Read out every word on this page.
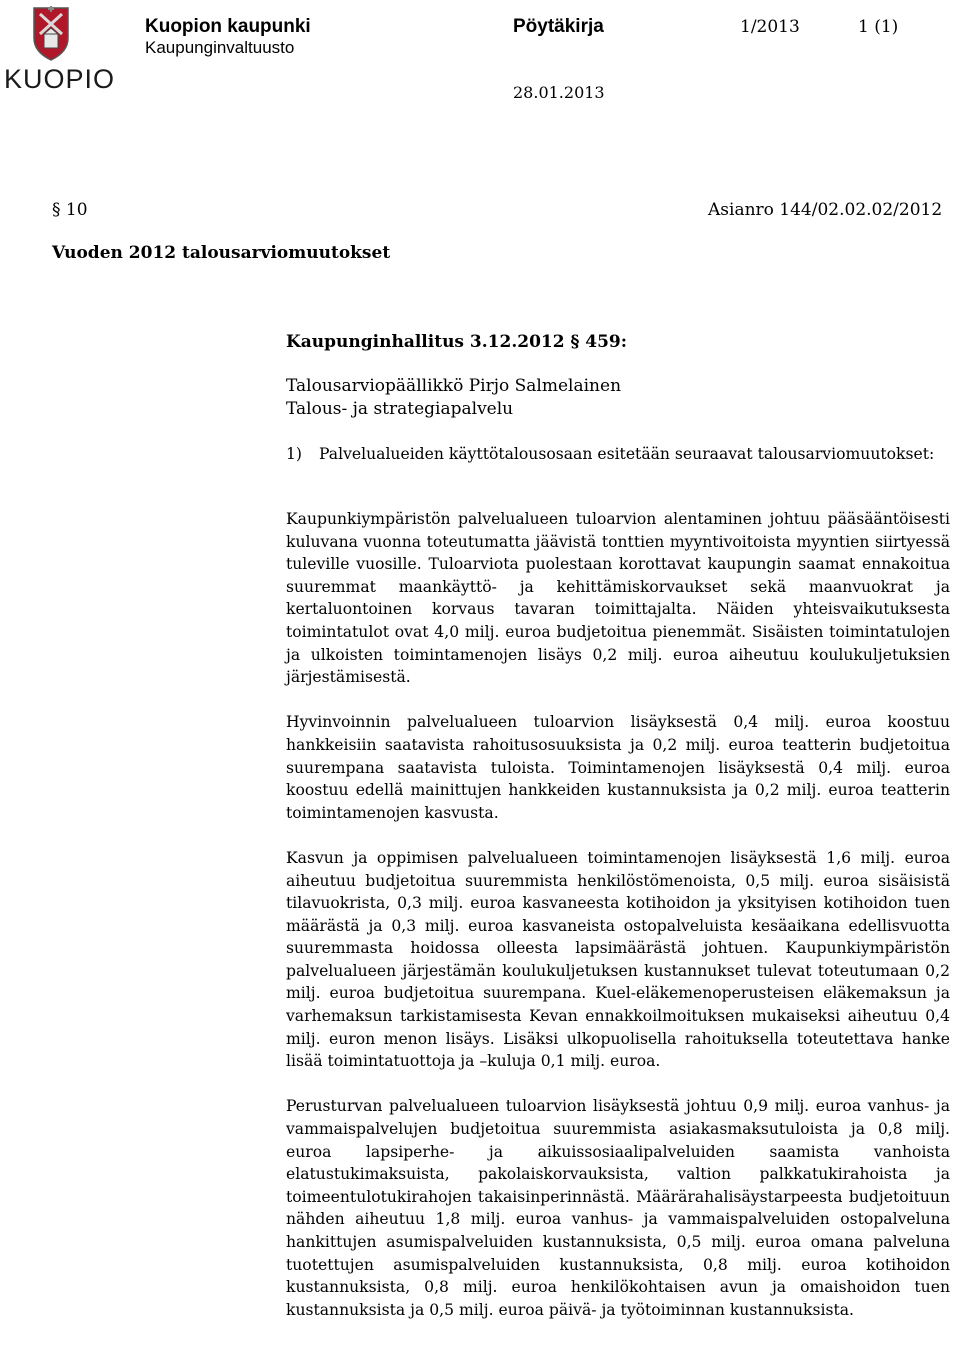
KUOPIO
Kuopion kaupunki
Kaupunginvaltuusto
Pöytäkirja	1/2013	1 (1)
28.01.2013
§ 10	Asianro 144/02.02.02/2012
Vuoden 2012 talousarviomuutokset
Kaupunginhallitus 3.12.2012 § 459:
Talousarviopäällikkö Pirjo Salmelainen
Talous- ja strategiapalvelu
1) Palvelualueiden käyttötalousosaan esitetään seuraavat talousarviomuutokset:

Kaupunkiympäristön palvelualueen tuloarvion alentaminen johtuu pääsääntöisesti kuluvana vuonna toteutumatta jäävistä tonttien myyntivoitoista myyntien siirtyessä tuleville vuosille. Tuloarviota puolestaan korottavat kaupungin saamat ennakoitua suuremmat maankäyttö- ja kehittämiskorvaukset sekä maanvuokrat ja kertaluontoinen korvaus tavaran toimittajalta. Näiden yhteisvaikutuksesta toimintatulot ovat 4,0 milj. euroa budjetoitua pienemmät. Sisäisten toimintatulojen ja ulkoisten toimintamenojen lisäys 0,2 milj. euroa aiheutuu koulukuljetuksien järjestämisestä.

Hyvinvoinnin palvelualueen tuloarvion lisäyksestä 0,4 milj. euroa koostuu hankkeisiin saatavista rahoitusosuuksista ja 0,2 milj. euroa teatterin budjetoitua suurempana saatavista tuloista. Toimintamenojen lisäyksestä 0,4 milj. euroa koostuu edellä mainittujen hankkeiden kustannuksista ja 0,2 milj. euroa teatterin toimintamenojen kasvusta.

Kasvun ja oppimisen palvelualueen toimintamenojen lisäyksestä 1,6 milj. euroa aiheutuu budjetoitua suuremmista henkilöstömenoista, 0,5 milj. euroa sisäisistä tilavuokrista, 0,3 milj. euroa kasvaneesta kotihoidon ja yksityisen kotihoidon tuen määrästä ja 0,3 milj. euroa kasvaneista ostopalveluista kesäaikana edellisvuotta suuremmasta hoidossa olleesta lapsimäärästä johtuen. Kaupunkiympäristön palvelualueen järjestämän koulukuljetuksen kustannukset tulevat toteutumaan 0,2 milj. euroa budjetoitua suurempana. Kuel-eläkemenoperusteisen eläkemaksun ja varhemaksun tarkistamisesta Kevan ennakkoilmoituksen mukaiseksi aiheutuu 0,4 milj. euron menon lisäys. Lisäksi ulkopuolisella rahoituksella toteutettava hanke lisää toimintatuottoja ja –kuluja 0,1 milj. euroa.

Perusturvan palvelualueen tuloarvion lisäyksestä johtuu 0,9 milj. euroa vanhus- ja vammaispalvelujen budjetoitua suuremmista asiakasmaksutuloista ja 0,8 milj. euroa lapsiperhe- ja aikuissosiaalipalveluiden saamista vanhoista elatustukimaksuista, pakolaiskorvauksista, valtion palkkatukirahoista ja toimeentulotukirahojen takaisinperinnästä. Määrärahalisäystarpeesta budjetoituun nähden aiheutuu 1,8 milj. euroa vanhus- ja vammaispalveluiden ostopalveluna hankittujen asumispalveluiden kustannuksista, 0,5 milj. euroa omana palveluna tuotettujen asumispalveluiden kustannuksista, 0,8 milj. euroa kotihoidon kustannuksista, 0,8 milj. euroa henkilökohtaisen avun ja omaishoidon tuen kustannuksista ja 0,5 milj. euroa päivä- ja työtoiminnan kustannuksista.
